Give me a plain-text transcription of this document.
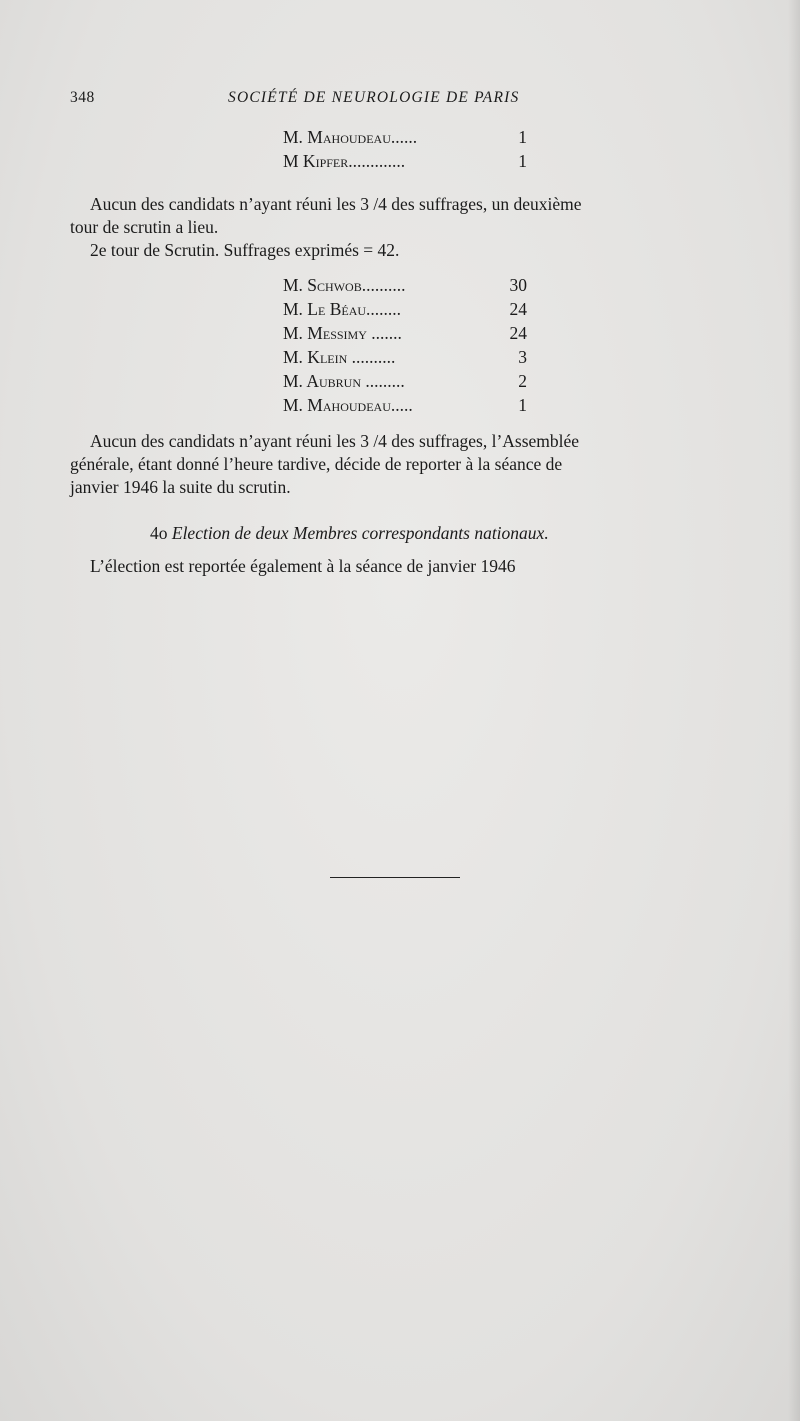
348	SOCIÉTÉ DE NEUROLOGIE DE PARIS
M. Mahoudeau......	1
M Kipfer.............	1
Aucun des candidats n’ayant réuni les 3 /4 des suffrages, un deuxième
tour de scrutin a lieu.
2e tour de Scrutin. Suffrages exprimés = 42.
M. Schwob..........	30
M. Le Béau........	24
M. Messimy .......	24
M. Klein ..........	3
M. Aubrun .........	2
M. Mahoudeau.....	1
Aucun des candidats n’ayant réuni les 3 /4 des suffrages, l’Assemblée
générale, étant donné l’heure tardive, décide de reporter à la séance de
janvier 1946 la suite du scrutin.
4o Election de deux Membres correspondants nationaux.
L’élection est reportée également à la séance de janvier 1946
